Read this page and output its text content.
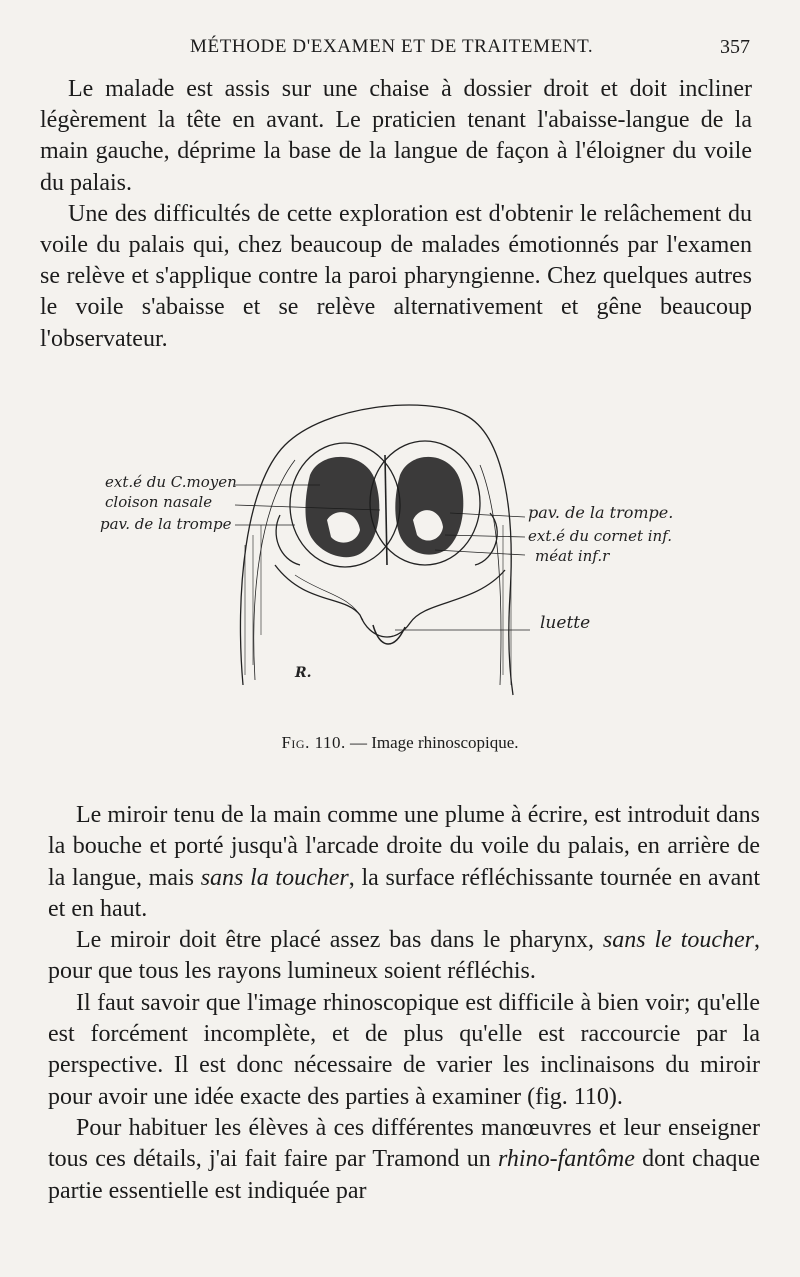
MÉTHODE D'EXAMEN ET DE TRAITEMENT.	357

Le malade est assis sur une chaise à dossier droit et doit incliner légèrement la tête en avant. Le praticien tenant l'abaisse-langue de la main gauche, déprime la base de la langue de façon à l'éloigner du voile du palais.

Une des difficultés de cette exploration est d'obtenir le relâchement du voile du palais qui, chez beaucoup de malades émotionnés par l'examen se relève et s'applique contre la paroi pharyngienne. Chez quelques autres le voile s'abaisse et se relève alternativement et gêne beaucoup l'observateur.

ext.é du C.moyen
cloison nasale
pav. de la trompe
pav. de la trompe.
ext.é du cornet inf.
méat inf.r
luette
R.
Fig. 110. — Image rhinoscopique.

Le miroir tenu de la main comme une plume à écrire, est introduit dans la bouche et porté jusqu'à l'arcade droite du voile du palais, en arrière de la langue, mais sans la toucher, la surface réfléchissante tournée en avant et en haut.

Le miroir doit être placé assez bas dans le pharynx, sans le toucher, pour que tous les rayons lumineux soient réfléchis.

Il faut savoir que l'image rhinoscopique est difficile à bien voir; qu'elle est forcément incomplète, et de plus qu'elle est raccourcie par la perspective. Il est donc nécessaire de varier les inclinaisons du miroir pour avoir une idée exacte des parties à examiner (fig. 110).

Pour habituer les élèves à ces différentes manœuvres et leur enseigner tous ces détails, j'ai fait faire par Tramond un rhino-fantôme dont chaque partie essentielle est indiquée par
